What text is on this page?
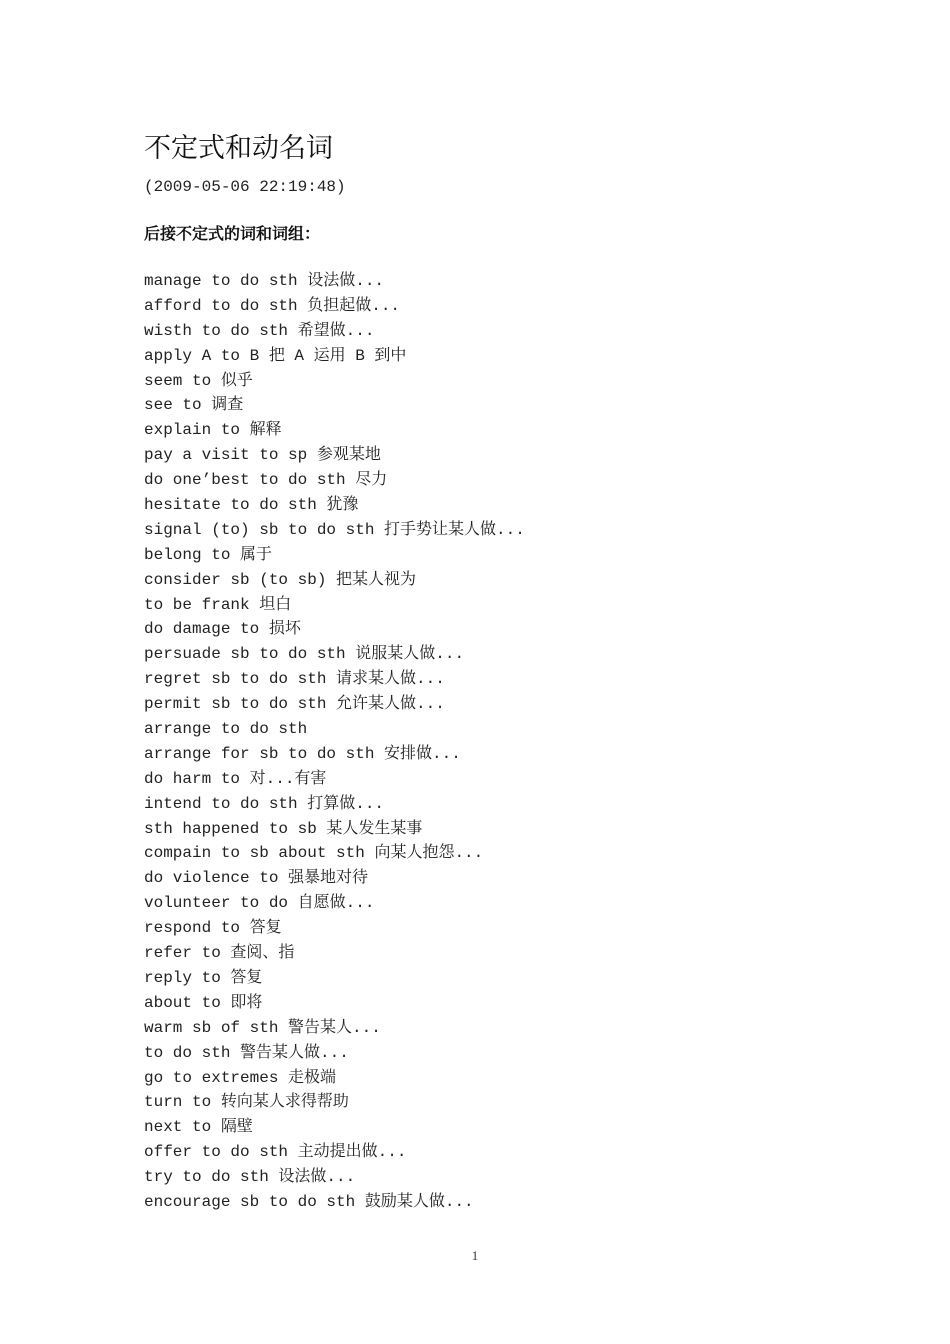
不定式和动名词
(2009-05-06 22:19:48)
后接不定式的词和词组：
manage to do sth 设法做...
afford to do sth 负担起做...
wisth to do sth 希望做...
apply A to B 把 A 运用 B 到中
seem to 似乎
see to 调查
explain to 解释
pay a visit to sp 参观某地
do one’best to do sth 尽力
hesitate to do sth 犹豫
signal (to) sb to do sth 打手势让某人做...
belong to 属于
consider sb (to sb) 把某人视为
to be frank 坦白
do damage to 损坏
persuade sb to do sth 说服某人做...
regret sb to do sth 请求某人做...
permit sb to do sth 允许某人做...
arrange to do sth
arrange for sb to do sth 安排做...
do harm to 对...有害
intend to do sth 打算做...
sth happened to sb 某人发生某事
compain to sb about sth 向某人抱怨...
do violence to 强暴地对待
volunteer to do 自愿做...
respond to 答复
refer to 查阅、指
reply to 答复
about to 即将
warm sb of sth 警告某人...
to do sth 警告某人做...
go to extremes 走极端
turn to 转向某人求得帮助
next to 隔壁
offer to do sth 主动提出做...
try to do sth 设法做...
encourage sb to do sth 鼓励某人做...
1
